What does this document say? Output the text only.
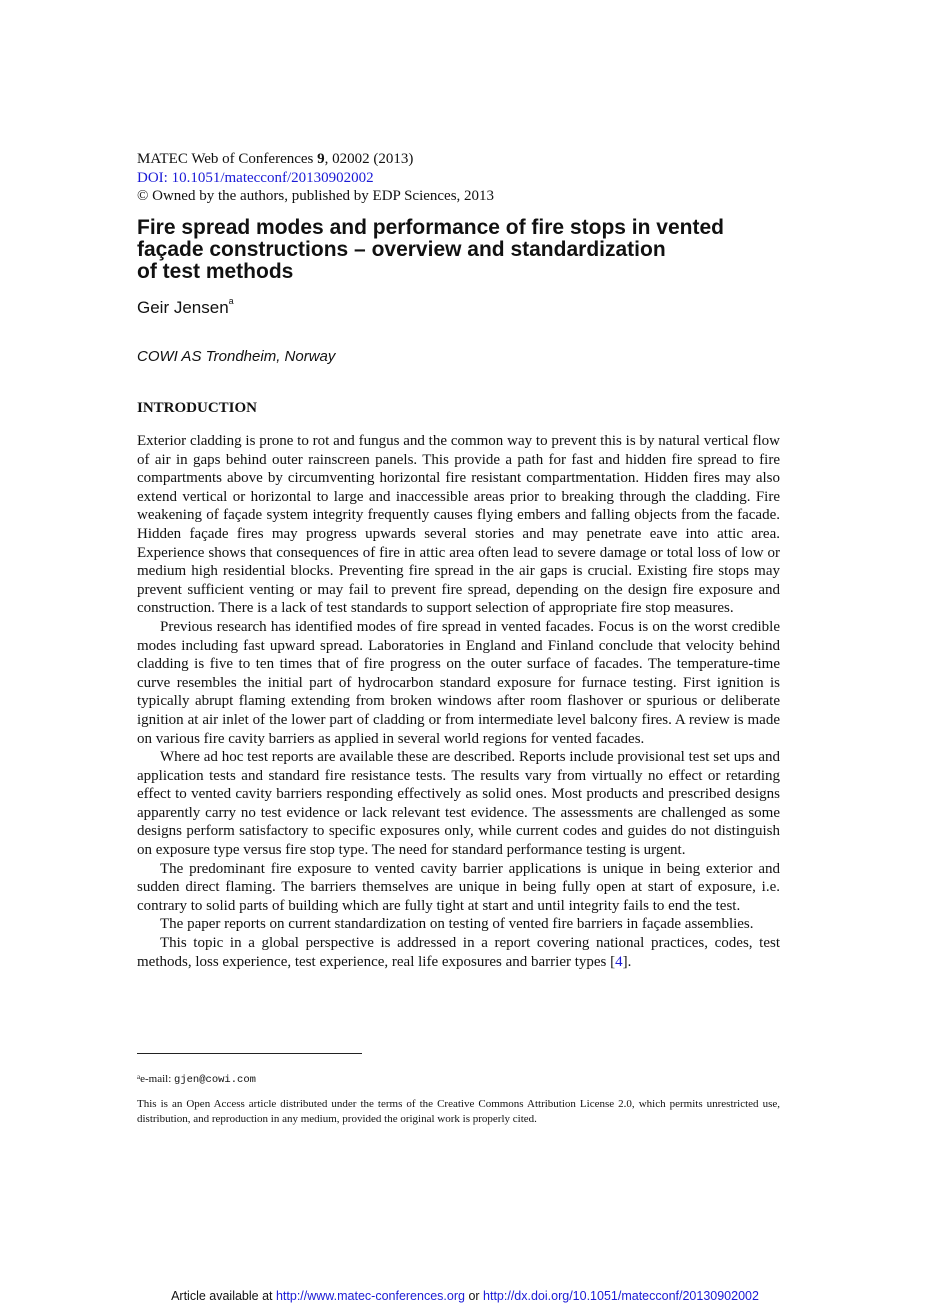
MATEC Web of Conferences 9, 02002 (2013)
DOI: 10.1051/matecconf/20130902002
© Owned by the authors, published by EDP Sciences, 2013
Fire spread modes and performance of fire stops in vented
façade constructions – overview and standardization
of test methods
Geir Jensen$^a$
COWI AS Trondheim, Norway
INTRODUCTION

Exterior cladding is prone to rot and fungus and the common way to prevent this is by natural vertical flow of air in gaps behind outer rainscreen panels. This provide a path for fast and hidden fire spread to fire compartments above by circumventing horizontal fire resistant compartmentation. Hidden fires may also extend vertical or horizontal to large and inaccessible areas prior to breaking through the cladding. Fire weakening of façade system integrity frequently causes flying embers and falling objects from the facade. Hidden façade fires may progress upwards several stories and may penetrate eave into attic area. Experience shows that consequences of fire in attic area often lead to severe damage or total loss of low or medium high residential blocks. Preventing fire spread in the air gaps is crucial. Existing fire stops may prevent sufficient venting or may fail to prevent fire spread, depending on the design fire exposure and construction. There is a lack of test standards to support selection of appropriate fire stop measures.

Previous research has identified modes of fire spread in vented facades. Focus is on the worst credible modes including fast upward spread. Laboratories in England and Finland conclude that velocity behind cladding is five to ten times that of fire progress on the outer surface of facades. The temperature-time curve resembles the initial part of hydrocarbon standard exposure for furnace testing. First ignition is typically abrupt flaming extending from broken windows after room flashover or spurious or deliberate ignition at air inlet of the lower part of cladding or from intermediate level balcony fires. A review is made on various fire cavity barriers as applied in several world regions for vented facades.

Where ad hoc test reports are available these are described. Reports include provisional test set ups and application tests and standard fire resistance tests. The results vary from virtually no effect or retarding effect to vented cavity barriers responding effectively as solid ones. Most products and prescribed designs apparently carry no test evidence or lack relevant test evidence. The assessments are challenged as some designs perform satisfactory to specific exposures only, while current codes and guides do not distinguish on exposure type versus fire stop type. The need for standard performance testing is urgent.

The predominant fire exposure to vented cavity barrier applications is unique in being exterior and sudden direct flaming. The barriers themselves are unique in being fully open at start of exposure, i.e. contrary to solid parts of building which are fully tight at start and until integrity fails to end the test.

The paper reports on current standardization on testing of vented fire barriers in façade assemblies.

This topic in a global perspective is addressed in a report covering national practices, codes, test methods, loss experience, test experience, real life exposures and barrier types [4].

$^a$e-mail: gjen@cowi.com
This is an Open Access article distributed under the terms of the Creative Commons Attribution License 2.0, which permits unrestricted use, distribution, and reproduction in any medium, provided the original work is properly cited.
Article available at http://www.matec-conferences.org or http://dx.doi.org/10.1051/matecconf/20130902002
